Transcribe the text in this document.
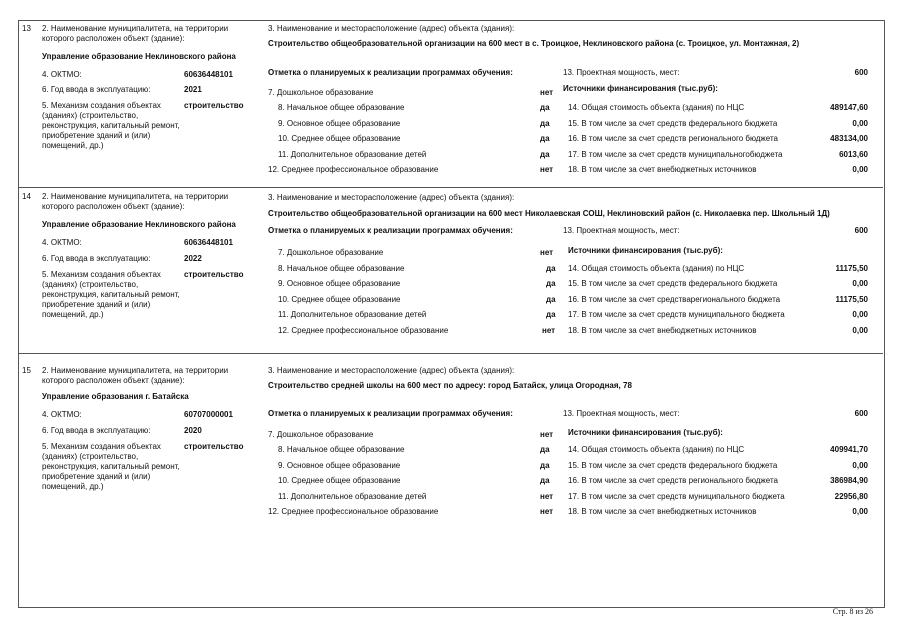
13 2. Наименование муниципалитета, на территории которого расположен объект (здание):
Управление образование Неклиновского района
4. ОКТМО:	60636448101
6. Год ввода в эксплуатацию:	2021
5. Механизм создания объектах (зданиях) (строительство, реконструкция, капитальный ремонт, приобретение зданий и (или) помещений, др.)
строительство
3. Наименование и месторасположение (адрес) объекта (здания):
Строительство общеобразовательной организации на 600 мест в с. Троицкое, Неклиновского района (с. Троицкое, ул. Монтажная, 2)
Отметка о планируемых к реализации программах обучения:	13. Проектная мощность, мест:	600
7. Дошкольное образование	нет
8. Начальное общее образование	да
9. Основное общее образование	да
10. Среднее общее образование	да
11. Дополнительное образование детей	да
12. Среднее профессиональное образование	нет
Источники финансирования (тыс.руб):
14. Общая стоимость объекта (здания) по НЦС	489147,60
15. В том числе за счет средств федерального бюджета	0,00
16. В том числе за счет средств регионального бюджета	483134,00
17. В том числе за счет средств муниципальногобюджета	6013,60
18. В том числе за счет внебюджетных источников	0,00
14 2. Наименование муниципалитета, на территории которого расположен объект (здание):
Управление образование Неклиновского района
4. ОКТМО:	60636448101
6. Год ввода в эксплуатацию:	2022
5. Механизм создания объектах (зданиях) (строительство, реконструкция, капитальный ремонт, приобретение зданий и (или) помещений, др.)
строительство
3. Наименование и месторасположение (адрес) объекта (здания):
Строительство общеобразовательной организации на 600 мест Николаевская СОШ, Неклиновский район (с. Николаевка пер. Школьный 1Д)
Отметка о планируемых к реализации программах обучения:	13. Проектная мощность, мест:	600
Источники финансирования (тыс.руб):
7. Дошкольное образование	нет
8. Начальное общее образование	да
9. Основное общее образование	да
10. Среднее общее образование	да
11. Дополнительное образование детей	да
12. Среднее профессиональное образование	нет
14. Общая стоимость объекта (здания) по НЦС	11175,50
15. В том числе за счет средств федерального бюджета	0,00
16. В том числе за счет средстварегионального бюджета	11175,50
17. В том числе за счет средств муниципального бюджета	0,00
18. В том числе за счет внебюджетных источников	0,00
15 2. Наименование муниципалитета, на территории которого расположен объект (здание):
Управление образования г. Батайска
4. ОКТМО:	60707000001
6. Год ввода в эксплуатацию:	2020
5. Механизм создания объектах (зданиях) (строительство, реконструкция, капитальный ремонт, приобретение зданий и (или) помещений, др.)
строительство
3. Наименование и месторасположение (адрес) объекта (здания):
Строительство средней школы на 600 мест по адресу: город Батайск, улица Огородная, 78
Отметка о планируемых к реализации программах обучения:	13. Проектная мощность, мест:	600
Источники финансирования (тыс.руб):
7. Дошкольное образование	нет
8. Начальное общее образование	да
9. Основное общее образование	да
10. Среднее общее образование	да
11. Дополнительное образование детей	нет
12. Среднее профессиональное образование	нет
14. Общая стоимость объекта (здания) по НЦС	409941,70
15. В том числе за счет средств федерального бюджета	0,00
16. В том числе за счет средств регионального бюджета	386984,90
17. В том числе за счет средств муниципального бюджета	22956,80
18. В том числе за счет внебюджетных источников	0,00
Стр. 8 из 26
